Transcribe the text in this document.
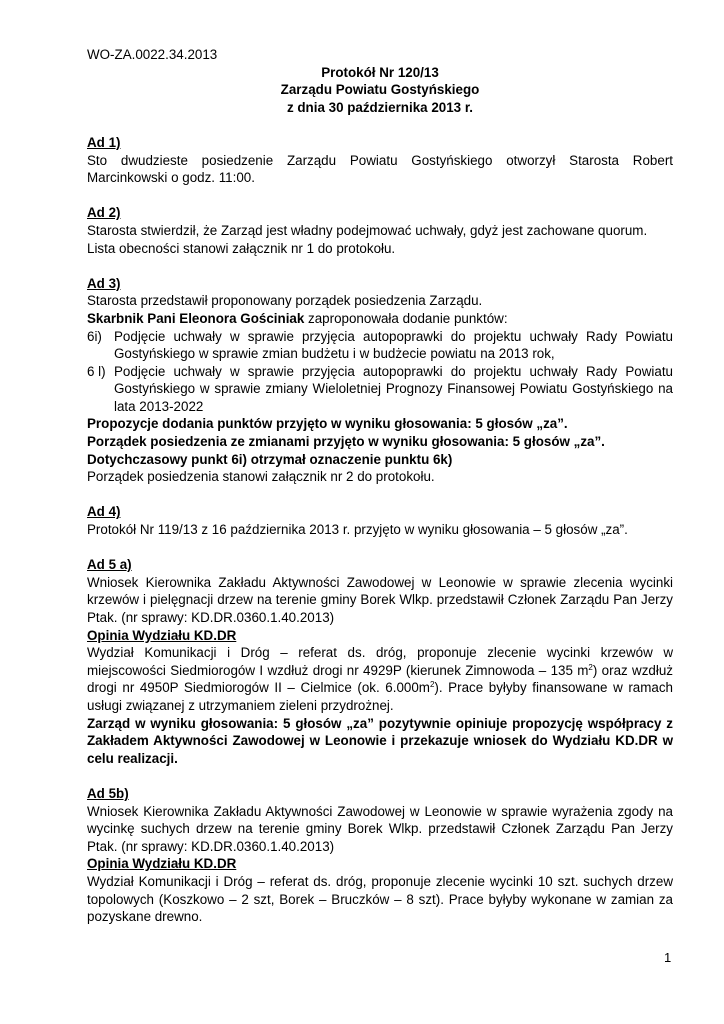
WO-ZA.0022.34.2013

Protokół Nr 120/13

Zarządu Powiatu Gostyńskiego

z dnia 30 października 2013 r.

Ad 1)

Sto dwudzieste posiedzenie Zarządu Powiatu Gostyńskiego otworzył Starosta Robert Marcinkowski o godz. 11:00.

Ad 2)

Starosta stwierdził, że Zarząd jest władny podejmować uchwały, gdyż jest zachowane quorum.

Lista obecności stanowi załącznik nr 1 do protokołu.

Ad 3)

Starosta przedstawił proponowany porządek posiedzenia Zarządu.

Skarbnik Pani Eleonora Gościniak zaproponowała dodanie punktów:

6i) Podjęcie uchwały w sprawie przyjęcia autopoprawki do projektu uchwały Rady Powiatu Gostyńskiego w sprawie zmian budżetu i w budżecie powiatu na 2013 rok,
6 l) Podjęcie uchwały w sprawie przyjęcia autopoprawki do projektu uchwały Rady Powiatu Gostyńskiego w sprawie zmiany Wieloletniej Prognozy Finansowej Powiatu Gostyńskiego na lata 2013-2022

Propozycje dodania punktów przyjęto w wyniku głosowania: 5 głosów „za”.

Porządek posiedzenia ze zmianami przyjęto w wyniku głosowania: 5 głosów „za”.

Dotychczasowy punkt 6i) otrzymał oznaczenie punktu 6k)

Porządek posiedzenia stanowi załącznik nr 2 do protokołu.

Ad 4)

Protokół Nr 119/13 z 16 października 2013 r. przyjęto w wyniku głosowania – 5 głosów „za”.

Ad 5 a)

Wniosek Kierownika Zakładu Aktywności Zawodowej w Leonowie w sprawie zlecenia wycinki krzewów i pielęgnacji drzew na terenie gminy Borek Wlkp. przedstawił Członek Zarządu Pan Jerzy Ptak. (nr sprawy: KD.DR.0360.1.40.2013)

Opinia Wydziału KD.DR

Wydział Komunikacji i Dróg – referat ds. dróg, proponuje zlecenie wycinki krzewów w miejscowości Siedmiorogów I wzdłuż drogi nr 4929P (kierunek Zimnowoda – 135 $m^2$) oraz wzdłuż drogi nr 4950P Siedmiorogów II – Cielmice (ok. $6.000m^2$). Prace byłyby finansowane w ramach usługi związanej z utrzymaniem zieleni przydrożnej.

Zarząd w wyniku głosowania: 5 głosów „za” pozytywnie opiniuje propozycję współpracy z Zakładem Aktywności Zawodowej w Leonowie i przekazuje wniosek do Wydziału KD.DR w celu realizacji.

Ad 5b)

Wniosek Kierownika Zakładu Aktywności Zawodowej w Leonowie w sprawie wyrażenia zgody na wycinkę suchych drzew na terenie gminy Borek Wlkp. przedstawił Członek Zarządu Pan Jerzy Ptak. (nr sprawy: KD.DR.0360.1.40.2013)

Opinia Wydziału KD.DR

Wydział Komunikacji i Dróg – referat ds. dróg, proponuje zlecenie wycinki 10 szt. suchych drzew topolowych (Koszkowo – 2 szt, Borek – Bruczków – 8 szt). Prace byłyby wykonane w zamian za pozyskane drewno.

1
